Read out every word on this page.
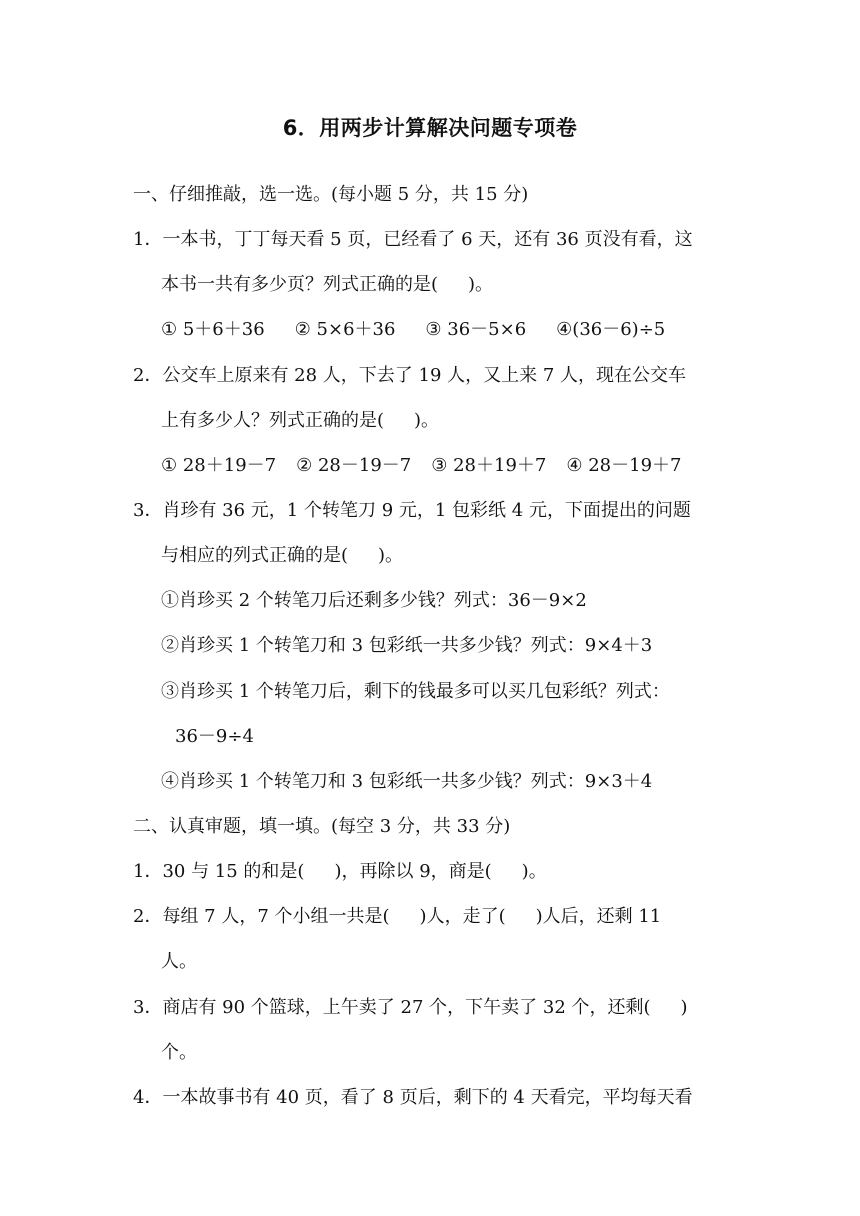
6．用两步计算解决问题专项卷
一、仔细推敲，选一选。(每小题 5 分，共 15 分)
1．一本书，丁丁每天看 5 页，已经看了 6 天，还有 36 页没有看，这
本书一共有多少页？列式正确的是( )。
① 5＋6＋36 ② 5×6＋36 ③ 36－5×6 ④(36－6)÷5
2．公交车上原来有 28 人，下去了 19 人，又上来 7 人，现在公交车
上有多少人？列式正确的是( )。
① 28＋19－7 ② 28－19－7 ③ 28＋19＋7 ④ 28－19＋7
3．肖珍有 36 元，1 个转笔刀 9 元，1 包彩纸 4 元，下面提出的问题
与相应的列式正确的是( )。
①肖珍买 2 个转笔刀后还剩多少钱？列式：36－9×2
②肖珍买 1 个转笔刀和 3 包彩纸一共多少钱？列式：9×4＋3
③肖珍买 1 个转笔刀后，剩下的钱最多可以买几包彩纸？列式：
36－9÷4
④肖珍买 1 个转笔刀和 3 包彩纸一共多少钱？列式：9×3＋4
二、认真审题，填一填。(每空 3 分，共 33 分)
1．30 与 15 的和是( )，再除以 9，商是( )。
2．每组 7 人，7 个小组一共是( )人，走了( )人后，还剩 11
人。
3．商店有 90 个篮球，上午卖了 27 个，下午卖了 32 个，还剩( )
个。
4．一本故事书有 40 页，看了 8 页后，剩下的 4 天看完，平均每天看
